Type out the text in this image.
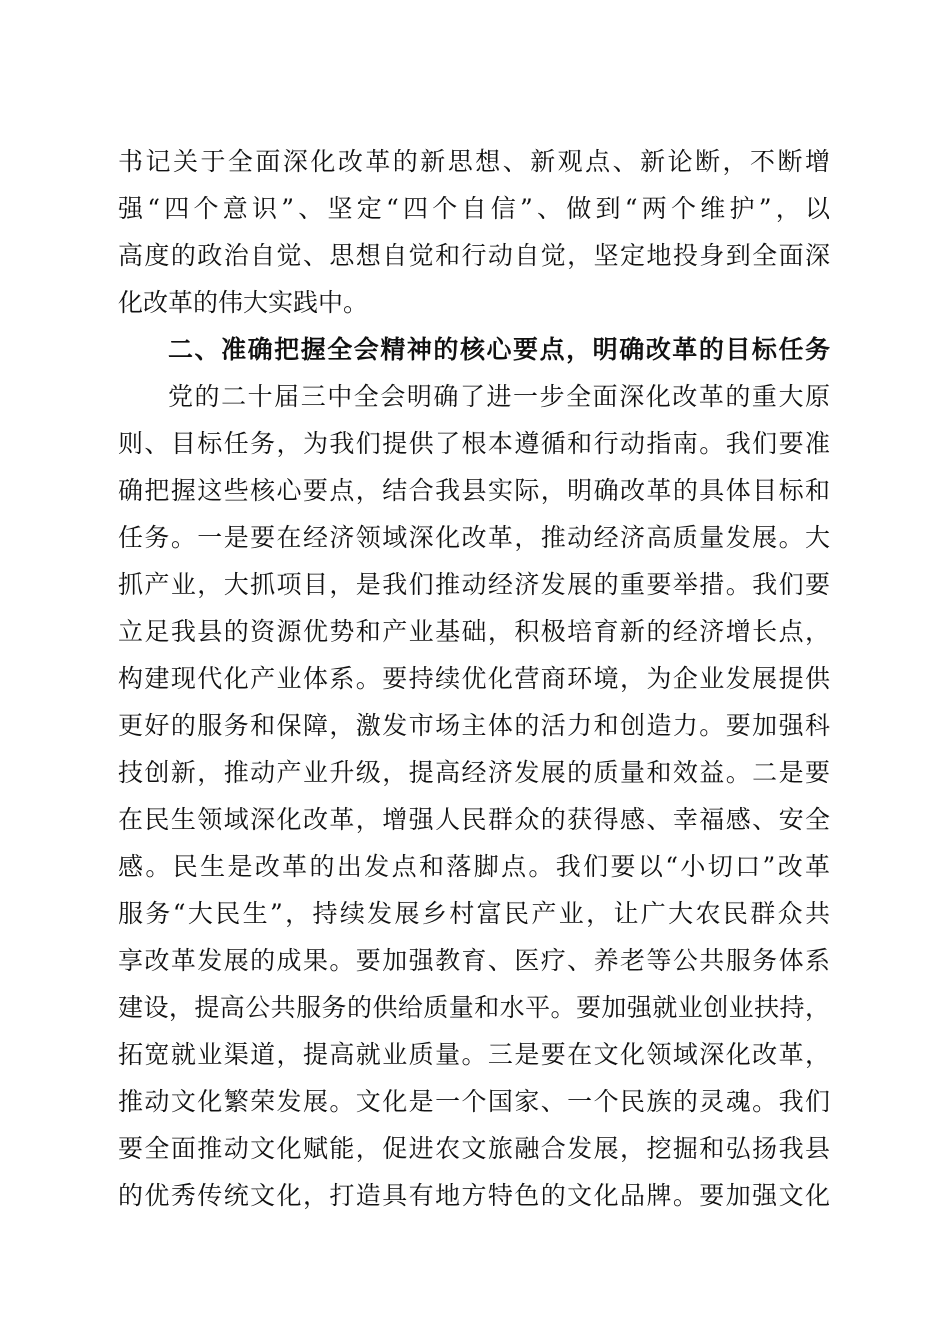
书记关于全面深化改革的新思想、新观点、新论断，不断增
强“四个意识”、坚定“四个自信”、做到“两个维护”，以
高度的政治自觉、思想自觉和行动自觉，坚定地投身到全面深
化改革的伟大实践中。
二、准确把握全会精神的核心要点，明确改革的目标任务
党的二十届三中全会明确了进一步全面深化改革的重大原
则、目标任务，为我们提供了根本遵循和行动指南。我们要准
确把握这些核心要点，结合我县实际，明确改革的具体目标和
任务。一是要在经济领域深化改革，推动经济高质量发展。大
抓产业，大抓项目，是我们推动经济发展的重要举措。我们要
立足我县的资源优势和产业基础，积极培育新的经济增长点，
构建现代化产业体系。要持续优化营商环境，为企业发展提供
更好的服务和保障，激发市场主体的活力和创造力。要加强科
技创新，推动产业升级，提高经济发展的质量和效益。二是要
在民生领域深化改革，增强人民群众的获得感、幸福感、安全
感。民生是改革的出发点和落脚点。我们要以“小切口”改革
服务“大民生”，持续发展乡村富民产业，让广大农民群众共
享改革发展的成果。要加强教育、医疗、养老等公共服务体系
建设，提高公共服务的供给质量和水平。要加强就业创业扶持，
拓宽就业渠道，提高就业质量。三是要在文化领域深化改革，
推动文化繁荣发展。文化是一个国家、一个民族的灵魂。我们
要全面推动文化赋能，促进农文旅融合发展，挖掘和弘扬我县
的优秀传统文化，打造具有地方特色的文化品牌。要加强文化
